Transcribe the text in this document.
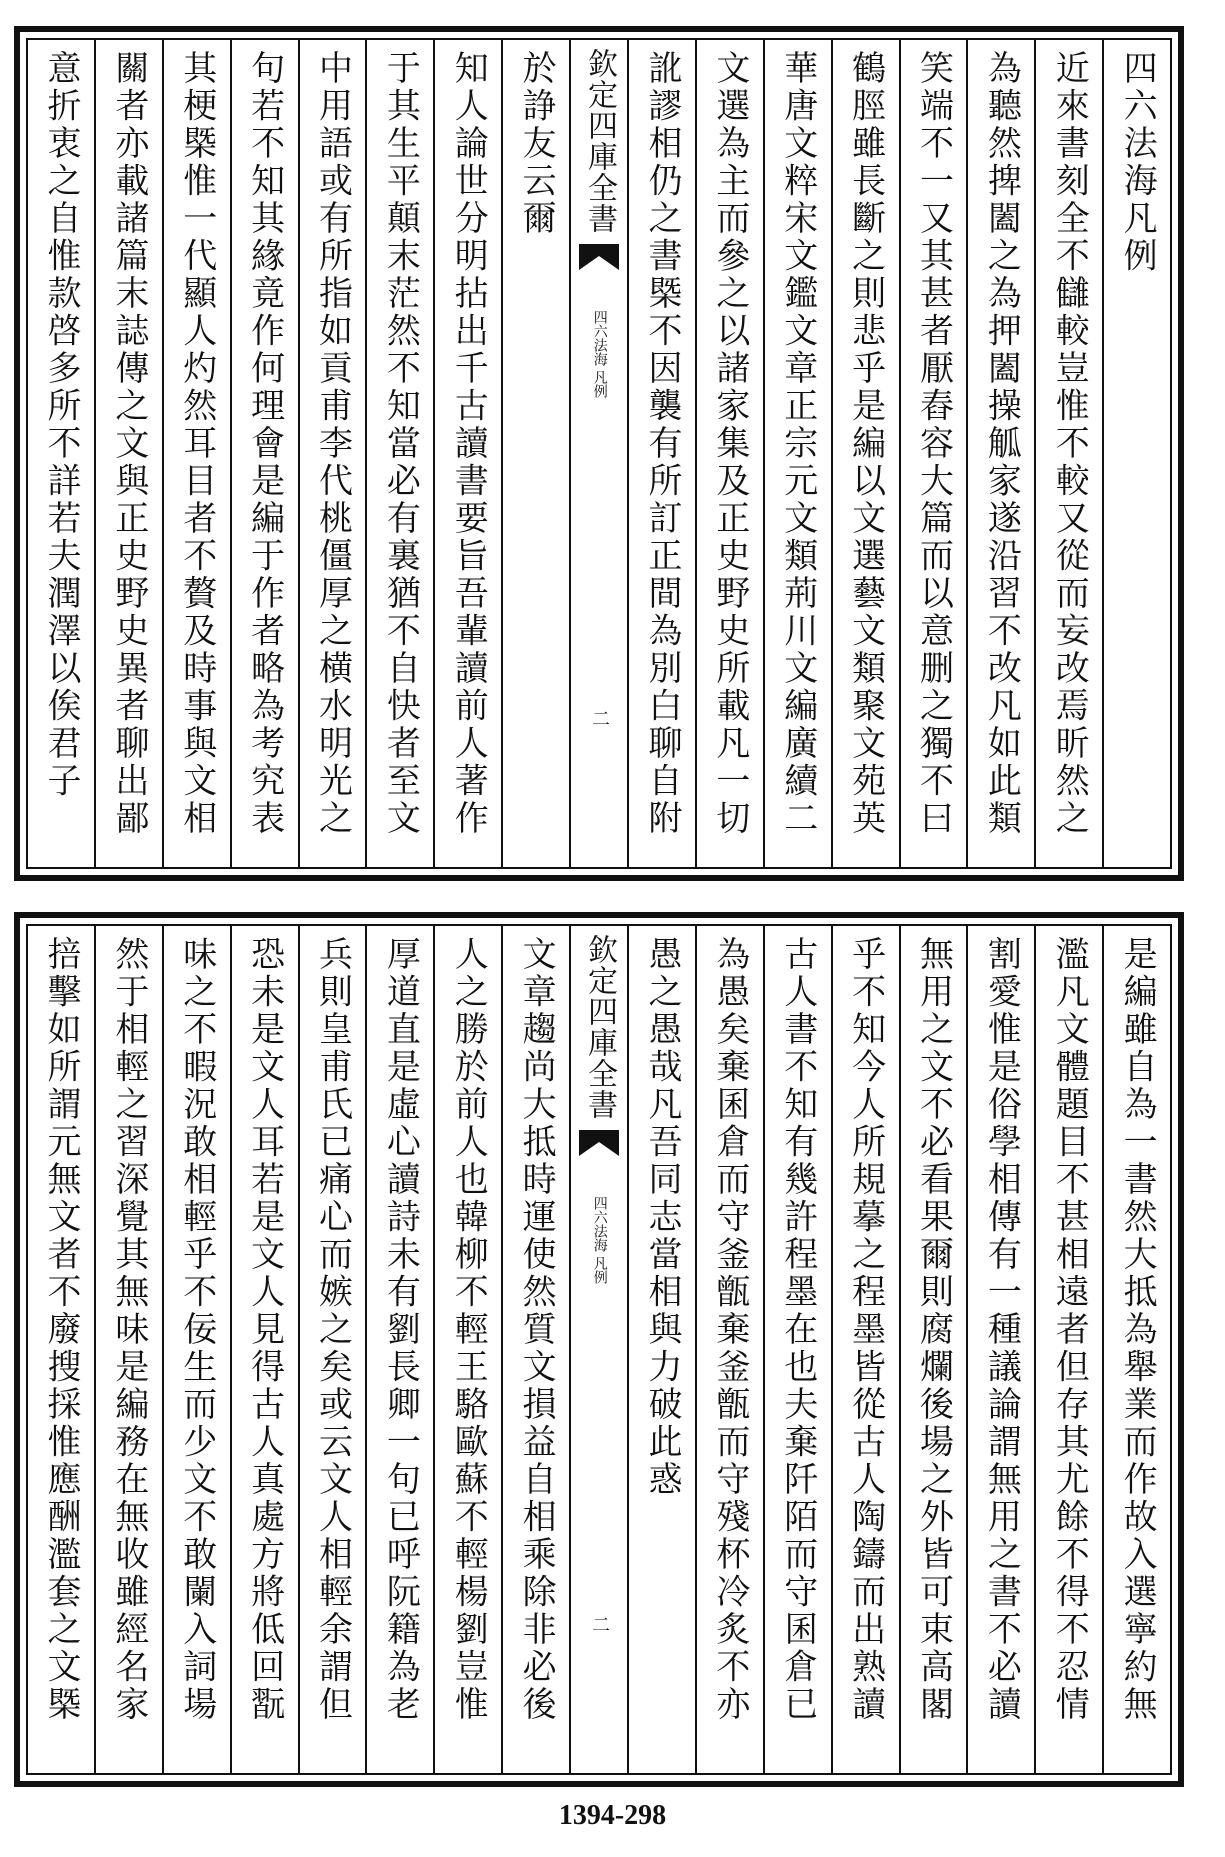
四六法海凡例
近來書刻全不讎較豈惟不較又從而妄改焉昕然之
為聽然捭闔之為押闔操觚家遂沿習不改凡如此類
笑端不一又其甚者厭舂容大篇而以意删之獨不曰
鶴脛雖長斷之則悲乎是編以文選藝文類聚文苑英
華唐文粹宋文鑑文章正宗元文類荊川文編廣續二
文選為主而參之以諸家集及正史野史所載凡一切
訛謬相仍之書槩不因襲有所訂正間為別白聊自附
欽定四庫全書
四六法海
凡例
二
於諍友云爾
知人論世分明拈出千古讀書要旨吾輩讀前人著作
于其生平顛末茫然不知當必有裏猶不自快者至文
中用語或有所指如貢甫李代桃僵厚之横水明光之
句若不知其緣竟作何理會是編于作者略為考究表
其梗槩惟一代顯人灼然耳目者不贅及時事與文相
關者亦載諸篇末誌傳之文與正史野史異者聊出鄙
意折衷之自惟款啓多所不詳若夫潤澤以俟君子
是編雖自為一書然大抵為舉業而作故入選寧約無
濫凡文體題目不甚相遠者但存其尤餘不得不忍情
割愛惟是俗學相傳有一種議論謂無用之書不必讀
無用之文不必看果爾則腐爛後場之外皆可束高閣
乎不知今人所規摹之程墨皆從古人陶鑄而出熟讀
古人書不知有幾許程墨在也夫棄阡陌而守囷倉已
為愚矣棄囷倉而守釜甑棄釜甑而守殘杯冷炙不亦
愚之愚哉凡吾同志當相與力破此惑
欽定四庫全書
四六法海
凡例
二
文章趨尚大抵時運使然質文損益自相乘除非必後
人之勝於前人也韓柳不輕王駱歐蘇不輕楊劉豈惟
厚道直是虛心讀詩未有劉長卿一句已呼阮籍為老
兵則皇甫氏已痛心而嫉之矣或云文人相輕余謂但
恐未是文人耳若是文人見得古人真處方將低回翫
味之不暇況敢相輕乎不佞生而少文不敢闌入詞場
然于相輕之習深覺其無味是編務在無收雖經名家
掊擊如所謂元無文者不廢搜採惟應酬濫套之文槩
1394-298
